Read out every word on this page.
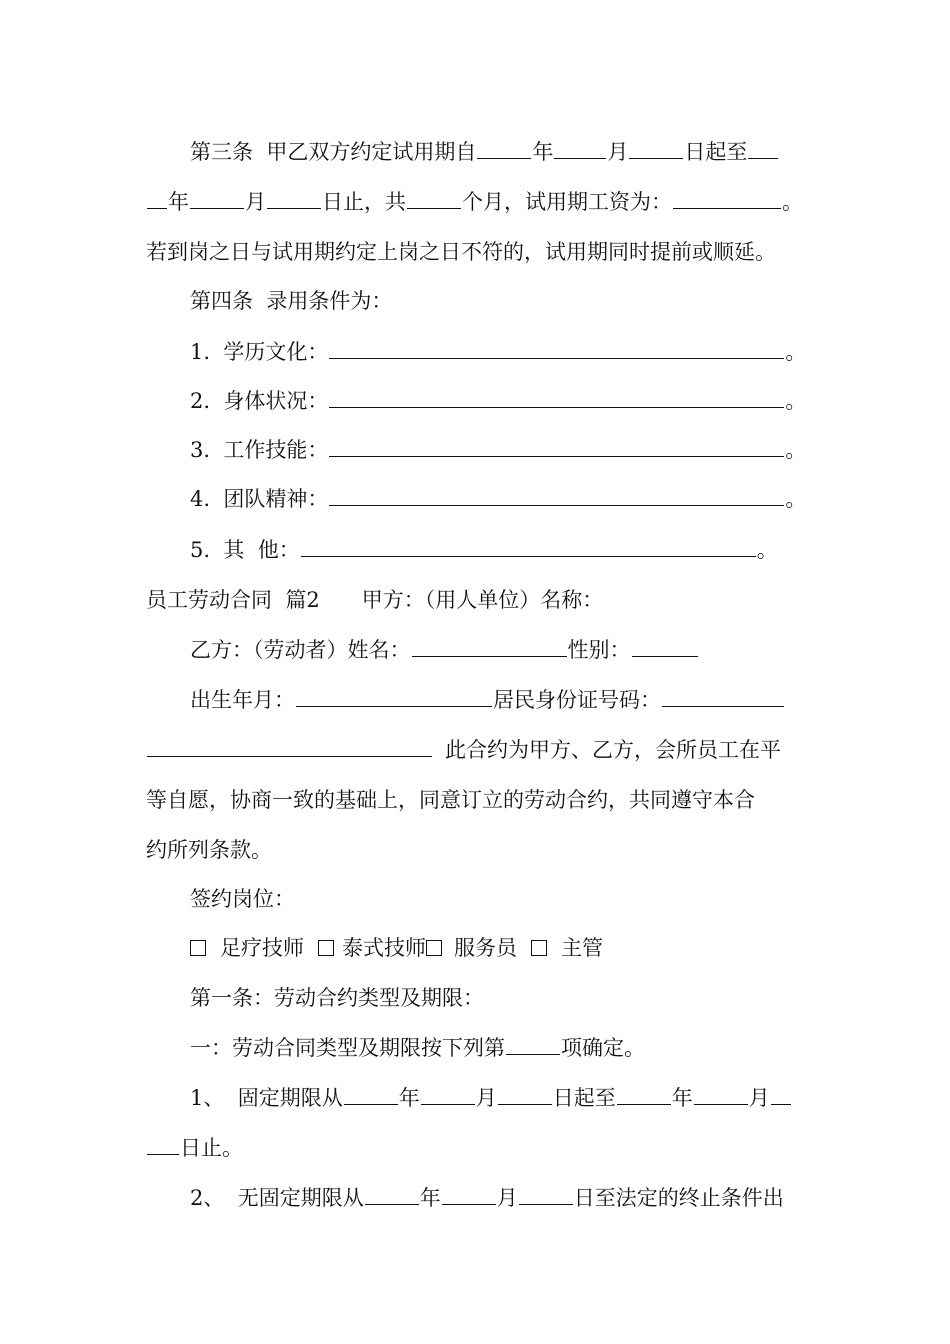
第三条  甲乙双方约定试用期自	年	月	日起至
年	月	日止，共	个月，试用期工资为：	。
若到岗之日与试用期约定上岗之日不符的，试用期同时提前或顺延。
第四条  录用条件为：
1.  学历文化：	。
2.  身体状况：	。
3.  工作技能：	。
4.  团队精神：	。
5.  其  他：	。
员工劳动合同  篇2 甲方：（用人单位）名称：
乙方：（劳动者）姓名：	性别：
出生年月：	居民身份证号码：
此合约为甲方、乙方，会所员工在平
等自愿，协商一致的基础上，同意订立的劳动合约，共同遵守本合
约所列条款。
签约岗位：
足疗技师 泰式技师 服务员 主管
第一条：劳动合约类型及期限：
一：劳动合同类型及期限按下列第	项确定。
1、  固定期限从	年	月	日起至	年	月
日止。
2、  无固定期限从	年	月	日至法定的终止条件出
